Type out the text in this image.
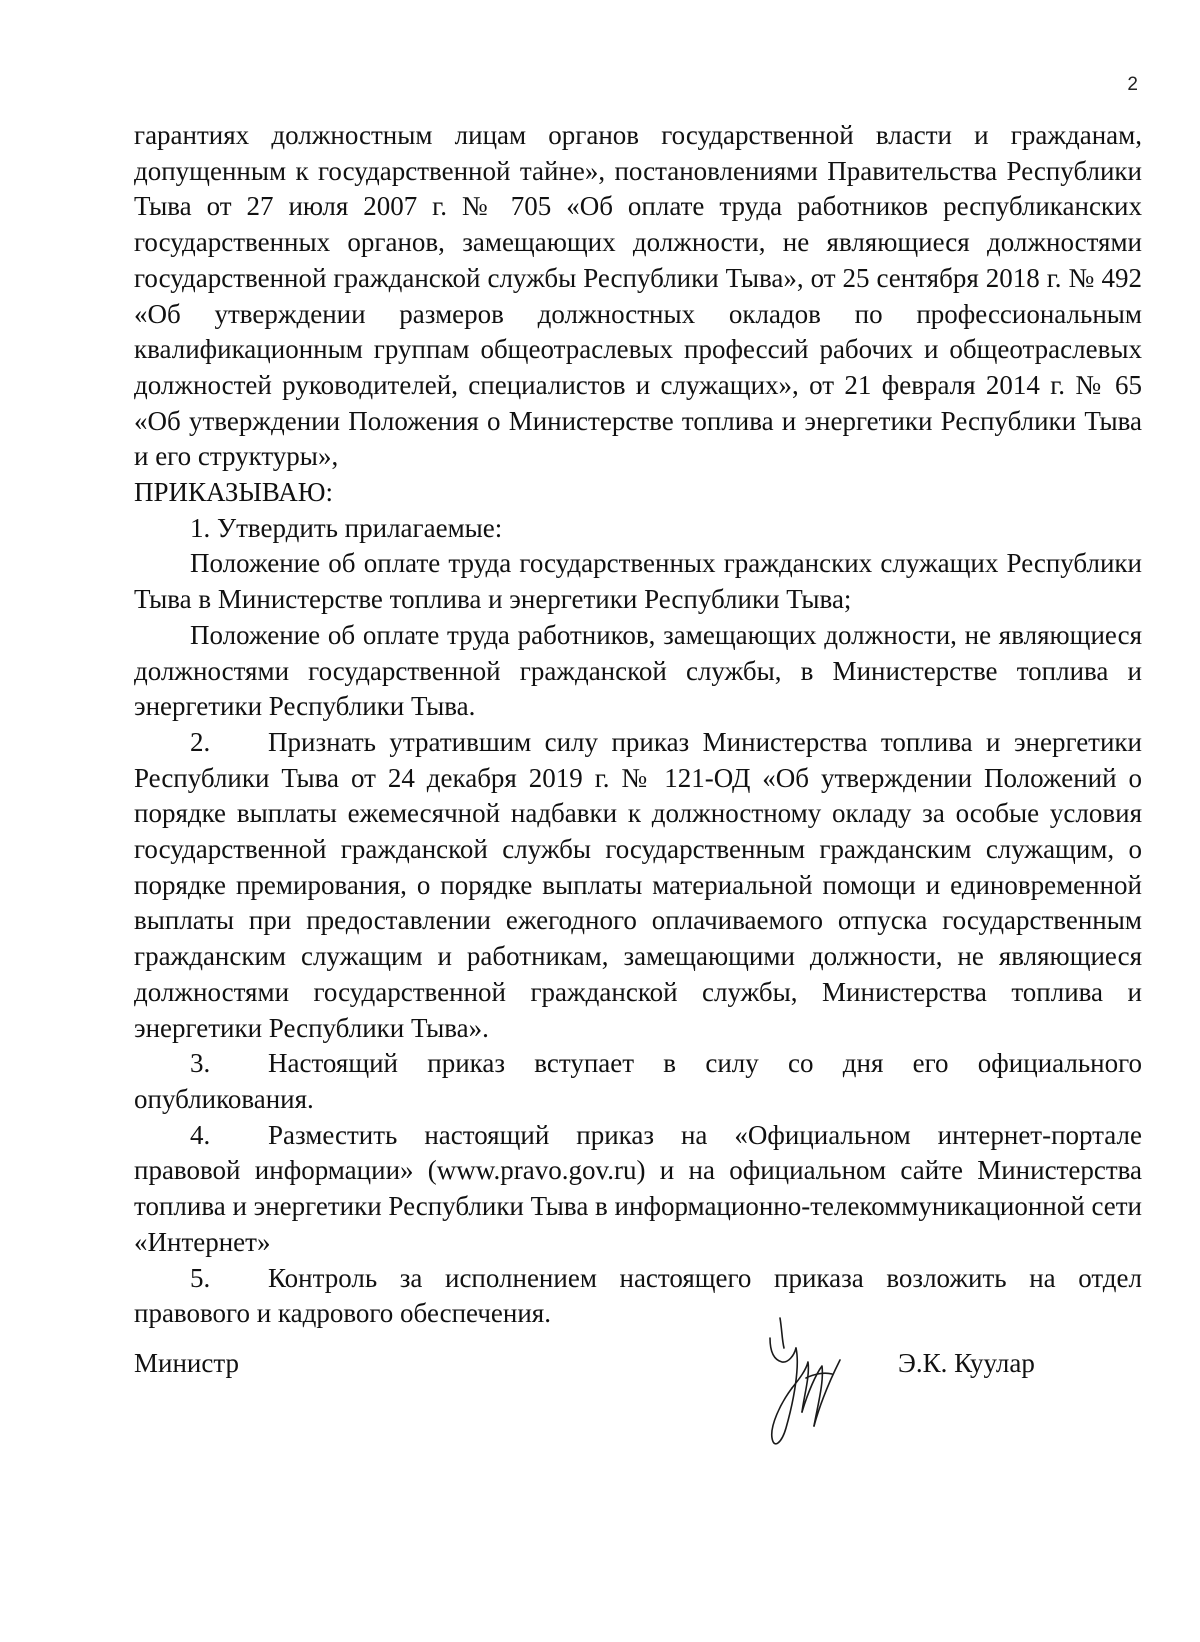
2

гарантиях должностным лицам органов государственной власти и гражданам, допущенным к государственной тайне», постановлениями Правительства Республики Тыва от 27 июля 2007 г. № 705 «Об оплате труда работников республиканских государственных органов, замещающих должности, не являющиеся должностями государственной гражданской службы Республики Тыва», от 25 сентября 2018 г. № 492 «Об утверждении размеров должностных окладов по профессиональным квалификационным группам общеотраслевых профессий рабочих и общеотраслевых должностей руководителей, специалистов и служащих», от 21 февраля 2014 г. № 65 «Об утверждении Положения о Министерстве топлива и энергетики Республики Тыва и его структуры»,

ПРИКАЗЫВАЮ:

1. Утвердить прилагаемые:

Положение об оплате труда государственных гражданских служащих Республики Тыва в Министерстве топлива и энергетики Республики Тыва;

Положение об оплате труда работников, замещающих должности, не являющиеся должностями государственной гражданской службы, в Министерстве топлива и энергетики Республики Тыва.

2. Признать утратившим силу приказ Министерства топлива и энергетики Республики Тыва от 24 декабря 2019 г. № 121-ОД «Об утверждении Положений о порядке выплаты ежемесячной надбавки к должностному окладу за особые условия государственной гражданской службы государственным гражданским служащим, о порядке премирования, о порядке выплаты материальной помощи и единовременной выплаты при предоставлении ежегодного оплачиваемого отпуска государственным гражданским служащим и работникам, замещающими должности, не являющиеся должностями государственной гражданской службы, Министерства топлива и энергетики Республики Тыва».

3. Настоящий приказ вступает в силу со дня его официального опубликования.

4. Разместить настоящий приказ на «Официальном интернет-портале правовой информации» (www.pravo.gov.ru) и на официальном сайте Министерства топлива и энергетики Республики Тыва в информационно-телекоммуникационной сети «Интернет»

5. Контроль за исполнением настоящего приказа возложить на отдел правового и кадрового обеспечения.

Министр	Э.К. Куулар
